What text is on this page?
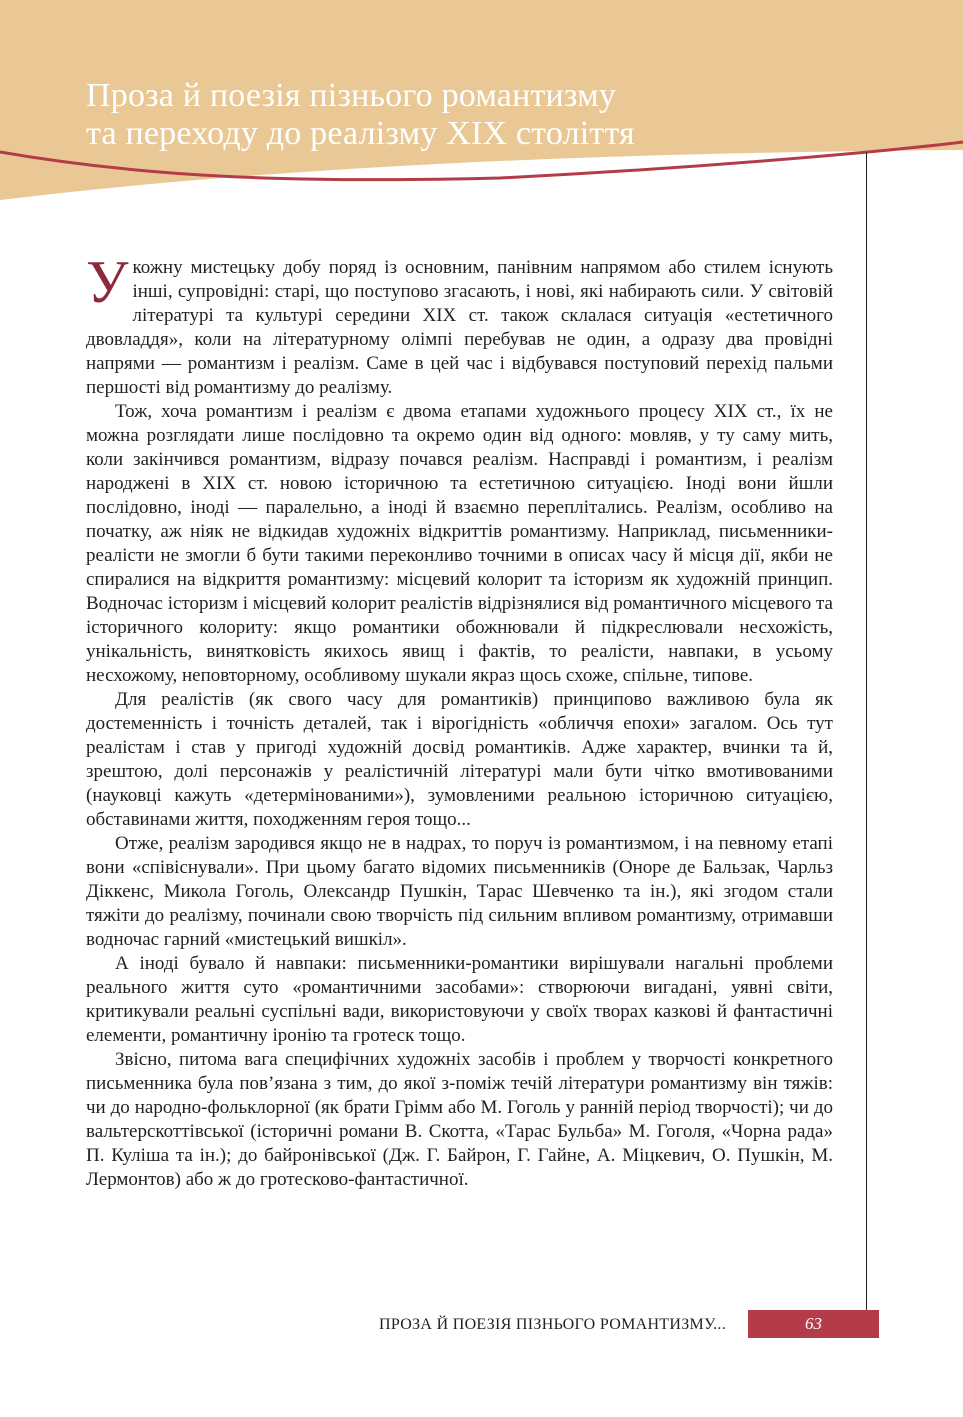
Проза й поезія пізнього романтизму
та переходу до реалізму XIX століття

У кожну мистецьку добу поряд із основним, панівним напрямом або стилем існують інші, супровідні: старі, що поступово згасають, і нові, які набирають сили. У світовій літературі та культурі середини XIX ст. також склалася ситуація «естетичного двовладдя», коли на літературному олімпі перебував не один, а одразу два провідні напрями — романтизм і реалізм. Саме в цей час і відбувався поступовий перехід пальми першості від романтизму до реалізму.

Тож, хоча романтизм і реалізм є двома етапами художнього процесу XIX ст., їх не можна розглядати лише послідовно та окремо один від одного: мовляв, у ту саму мить, коли закінчився романтизм, відразу почався реалізм. Насправді і романтизм, і реалізм народжені в XIX ст. новою історичною та естетичною ситуацією. Іноді вони йшли послідовно, іноді — паралельно, а іноді й взаємно переплітались. Реалізм, особливо на початку, аж ніяк не відкидав художніх відкриттів романтизму. Наприклад, письменники-реалісти не змогли б бути такими переконливо точними в описах часу й місця дії, якби не спиралися на відкриття романтизму: місцевий колорит та історизм як художній принцип. Водночас історизм і місцевий колорит реалістів відрізнялися від романтичного місцевого та історичного колориту: якщо романтики обожнювали й підкреслювали несхожість, унікальність, винятковість якихось явищ і фактів, то реалісти, навпаки, в усьому несхожому, неповторному, особливому шукали якраз щось схоже, спільне, типове.

Для реалістів (як свого часу для романтиків) принципово важливою була як достеменність і точність деталей, так і вірогідність «обличчя епохи» загалом. Ось тут реалістам і став у пригоді художній досвід романтиків. Адже характер, вчинки та й, зрештою, долі персонажів у реалістичній літературі мали бути чітко вмотивованими (науковці кажуть «детермінованими»), зумовленими реальною історичною ситуацією, обставинами життя, походженням героя тощо...

Отже, реалізм зародився якщо не в надрах, то поруч із романтизмом, і на певному етапі вони «співіснували». При цьому багато відомих письменників (Оноре де Бальзак, Чарльз Діккенс, Микола Гоголь, Олександр Пушкін, Тарас Шевченко та ін.), які згодом стали тяжіти до реалізму, починали свою творчість під сильним впливом романтизму, отримавши водночас гарний «мистецький вишкіл».

А іноді бувало й навпаки: письменники-романтики вирішували нагальні проблеми реального життя суто «романтичними засобами»: створюючи вигадані, уявні світи, критикували реальні суспільні вади, використовуючи у своїх творах казкові й фантастичні елементи, романтичну іронію та гротеск тощо.

Звісно, питома вага специфічних художніх засобів і проблем у творчості конкретного письменника була пов’язана з тим, до якої з-поміж течій літератури романтизму він тяжів: чи до народно-фольклорної (як брати Грімм або М. Гоголь у ранній період творчості); чи до вальтерскоттівської (історичні романи В. Скотта, «Тарас Бульба» М. Гоголя, «Чорна рада» П. Куліша та ін.); до байронівської (Дж. Г. Байрон, Г. Гайне, А. Міцкевич, О. Пушкін, М. Лермонтов) або ж до гротесково-фантастичної.

ПРОЗА Й ПОЕЗІЯ ПІЗНЬОГО РОМАНТИЗМУ...	63
